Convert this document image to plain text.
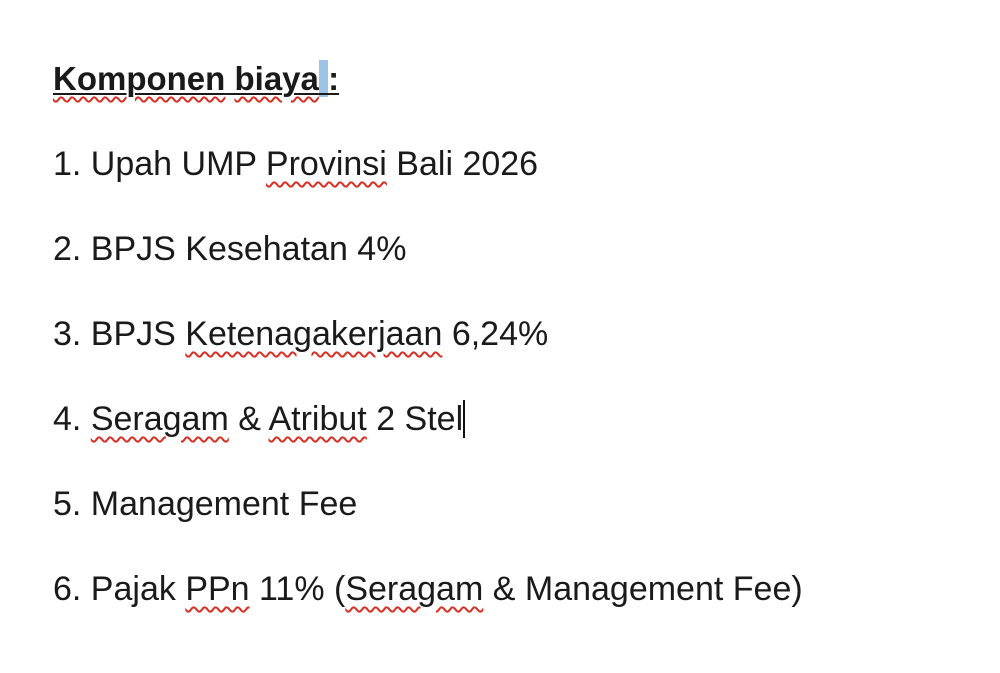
Komponen biaya :
1. Upah UMP Provinsi Bali 2026
2. BPJS Kesehatan 4%
3. BPJS Ketenagakerjaan 6,24%
4. Seragam & Atribut 2 Stel
5. Management Fee
6. Pajak PPn 11% (Seragam & Management Fee)
